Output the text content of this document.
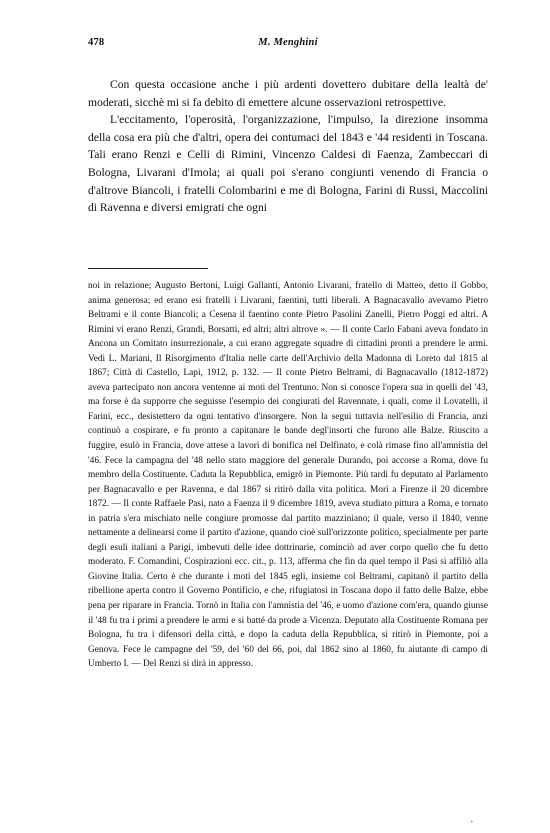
478	M. Menghini

Con questa occasione anche i più ardenti dovettero dubitare della lealtà de' moderati, sicchè mi si fa debito di emettere alcune osservazioni retrospettive.

L'eccitamento, l'operosità, l'organizzazione, l'impulso, la direzione insomma della cosa era più che d'altri, opera dei contumaci del 1843 e '44 residenti in Toscana. Tali erano Renzi e Celli di Rimini, Vincenzo Caldesi di Faenza, Zambeccari di Bologna, Livarani d'Imola; ai quali poi s'erano congiunti venendo di Francia o d'altrove Biancoli, i fratelli Colombarini e me di Bologna, Farini di Russi, Maccolini di Ravenna e diversi emigrati che ogni

noi in relazione; Augusto Bertoni, Luigi Gallanti, Antonio Livarani, fratello di Matteo, detto il Gobbo, anima generosa; ed erano esi fratelli i Livarani, faentini, tutti liberali. A Bagnacavallo avevamo Pietro Beltrami e il conte Biancoli; a Cesena il faentino conte Pietro Pasolini Zanelli, Pietro Poggi ed altri. A Rimini vi erano Renzi, Grandi, Borsatti, ed altri; altri altrove ». — Il conte Carlo Fabani aveva fondato in Ancona un Comitato insurrezionale, a cui erano aggregate squadre di cittadini pronti a prendere le armi. Vedi L. Mariani, Il Risorgimento d'Italia nelle carte dell'Archivio della Madonna di Loreto dal 1815 al 1867; Città di Castello, Lapi, 1912, p. 132. — Il conte Pietro Beltrami, di Bagnacavallo (1812-1872) aveva partecipato non ancora ventenne ai moti del Trentuno. Non si conosce l'opera sua in quelli del '43, ma forse è da supporre che seguisse l'esempio dei congiurati del Ravennate, i quali, come il Lovatelli, il Farini, ecc., desistettero da ogni tentativo d'insorgere. Non la seguì tuttavia nell'esilio di Francia, anzi continuò a cospirare, e fu pronto a capitanare le bande degl'insorti che furono alle Balze. Riuscito a fuggire, esulò in Francia, dove attese a lavori di bonifica nel Delfinato, e colà rimase fino all'amnistia del '46. Fece la campagna del '48 nello stato maggiore del generale Durando, poi accorse a Roma, dove fu membro della Costituente. Caduta la Repubblica, emigrò in Piemonte. Più tardi fu deputato al Parlamento per Bagnacavallo e per Ravenna, e dal 1867 si ritirò dalla vita politica. Morì a Firenze il 20 dicembre 1872. — Il conte Raffaele Pasi, nato a Faenza il 9 dicembre 1819, aveva studiato pittura a Roma, e tornato in patria s'era mischiato nelle congiure promosse dal partito mazziniano; il quale, verso il 1840, venne nettamente a delinearsi come il partito d'azione, quando cioè sull'orizzonte politico, specialmente per parte degli esuli italiani a Parigi, imbevuti delle idee dottrinarie, cominciò ad aver corpo quello che fu detto moderato. F. Comandini, Cospirazioni ecc. cit., p. 113, afferma che fin da quel tempo il Pasi si affiliò alla Giovine Italia. Certo è che durante i moti del 1845 egli, insieme col Beltrami, capitanò il partito della ribellione aperta contro il Governo Pontificio, e che, rifugiatosi in Toscana dopo il fatto delle Balze, ebbe pena per riparare in Francia. Tornò in Italia con l'amnistia del '46, e uomo d'azione com'era, quando giunse il '48 fu tra i primi a prendere le armi e si batté da prode a Vicenza. Deputato alla Costituente Romana per Bologna, fu tra i difensori della città, e dopo la caduta della Repubblica, si ritirò in Piemonte, poi a Genova. Fece le campagne del '59, del '60 del 66, poi, dal 1862 sino al 1860, fu aiutante di campo di Umberto I. — Del Renzi si dirà in appresso.

·
